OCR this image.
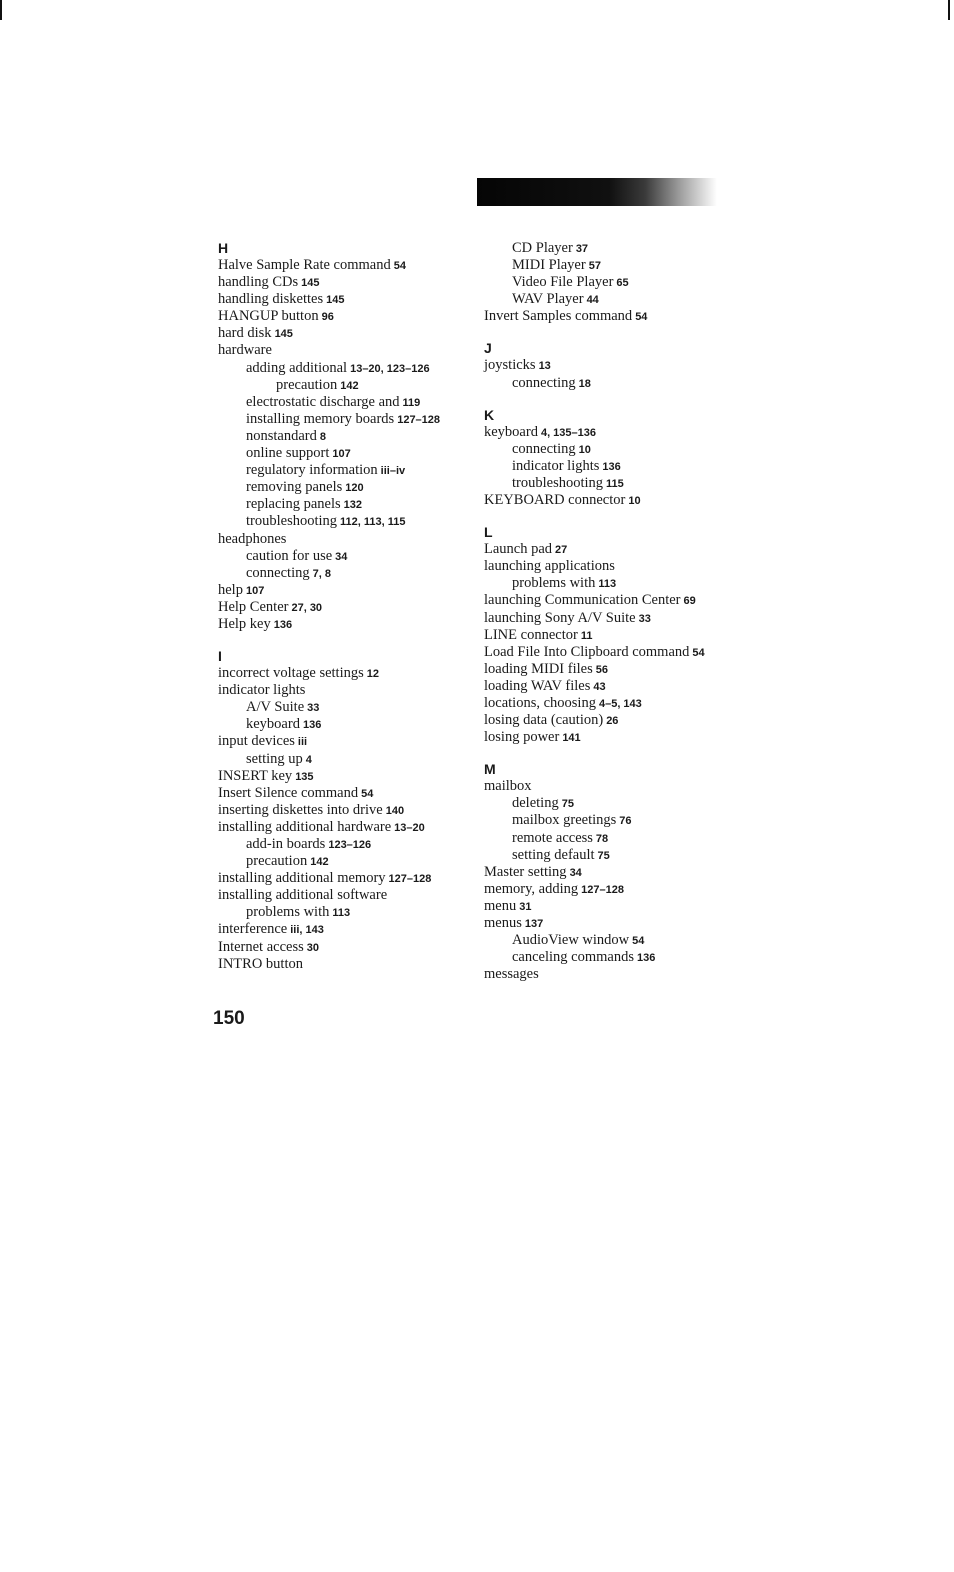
H
Halve Sample Rate command 54
handling CDs 145
handling diskettes 145
HANGUP button 96
hard disk 145
hardware
adding additional 13–20, 123–126
precaution 142
electrostatic discharge and 119
installing memory boards 127–128
nonstandard 8
online support 107
regulatory information iii–iv
removing panels 120
replacing panels 132
troubleshooting 112, 113, 115
headphones
caution for use 34
connecting 7, 8
help 107
Help Center 27, 30
Help key 136
I
incorrect voltage settings 12
indicator lights
A/V Suite 33
keyboard 136
input devices iii
setting up 4
INSERT key 135
Insert Silence command 54
inserting diskettes into drive 140
installing additional hardware 13–20
add-in boards 123–126
precaution 142
installing additional memory 127–128
installing additional software
problems with 113
interference iii, 143
Internet access 30
INTRO button
CD Player 37
MIDI Player 57
Video File Player 65
WAV Player 44
Invert Samples command 54
J
joysticks 13
connecting 18
K
keyboard 4, 135–136
connecting 10
indicator lights 136
troubleshooting 115
KEYBOARD connector 10
L
Launch pad 27
launching applications
problems with 113
launching Communication Center 69
launching Sony A/V Suite 33
LINE connector 11
Load File Into Clipboard command 54
loading MIDI files 56
loading WAV files 43
locations, choosing 4–5, 143
losing data (caution) 26
losing power 141
M
mailbox
deleting 75
mailbox greetings 76
remote access 78
setting default 75
Master setting 34
memory, adding 127–128
menu 31
menus 137
AudioView window 54
canceling commands 136
messages
150
